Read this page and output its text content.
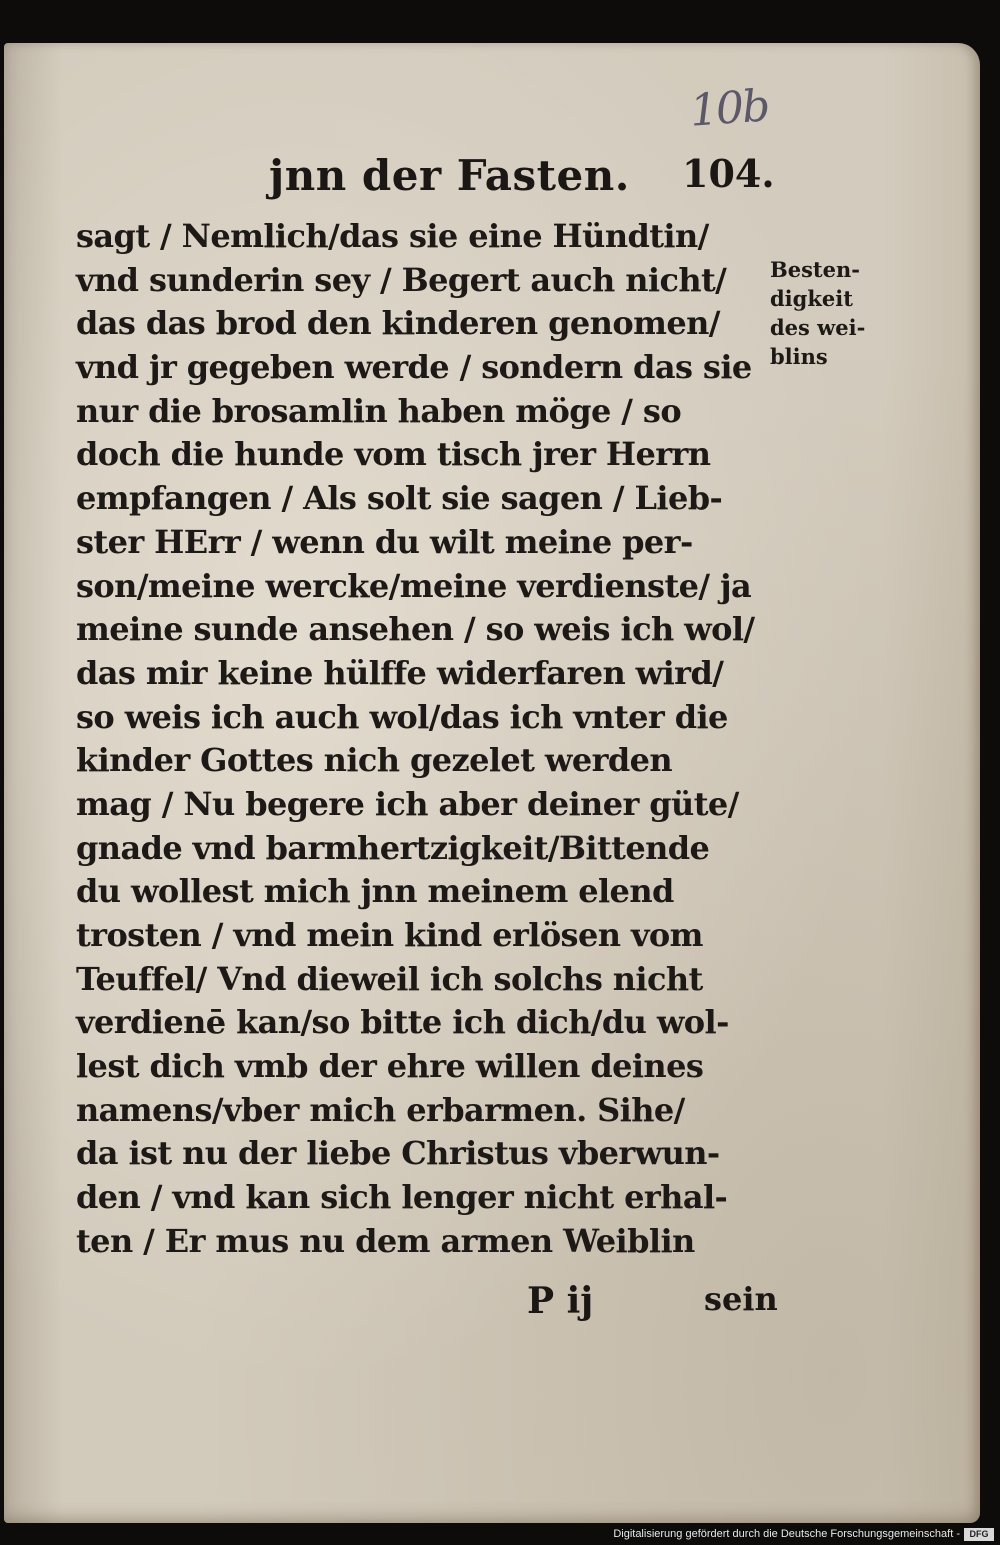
10b
jnn der Fasten. 104.
sagt / Nemlich/das sie eine Hündtin/
vnd sunderin sey / Begert auch nicht/
das das brod den kinderen genomen/
vnd jr gegeben werde / sondern das sie
nur die brosamlin haben möge / so
doch die hunde vom tisch jrer Herrn
empfangen / Als solt sie sagen / Lieb-
ster HErr / wenn du wilt meine per-
son/meine wercke/meine verdienste/ ja
meine sunde ansehen / so weis ich wol/
das mir keine hülffe widerfaren wird/
so weis ich auch wol/das ich vnter die
kinder Gottes nich gezelet werden
mag / Nu begere ich aber deiner güte/
gnade vnd barmhertzigkeit/Bittende
du wollest mich jnn meinem elend
trosten / vnd mein kind erlösen vom
Teuffel/ Vnd dieweil ich solchs nicht
verdienē kan/so bitte ich dich/du wol-
lest dich vmb der ehre willen deines
namens/vber mich erbarmen. Sihe/
da ist nu der liebe Christus vberwun-
den / vnd kan sich lenger nicht erhal-
ten / Er mus nu dem armen Weiblin
Besten-
digkeit
des wei-
blins
P ij	sein
Digitalisierung gefördert durch die Deutsche Forschungsgemeinschaft -	DFG
